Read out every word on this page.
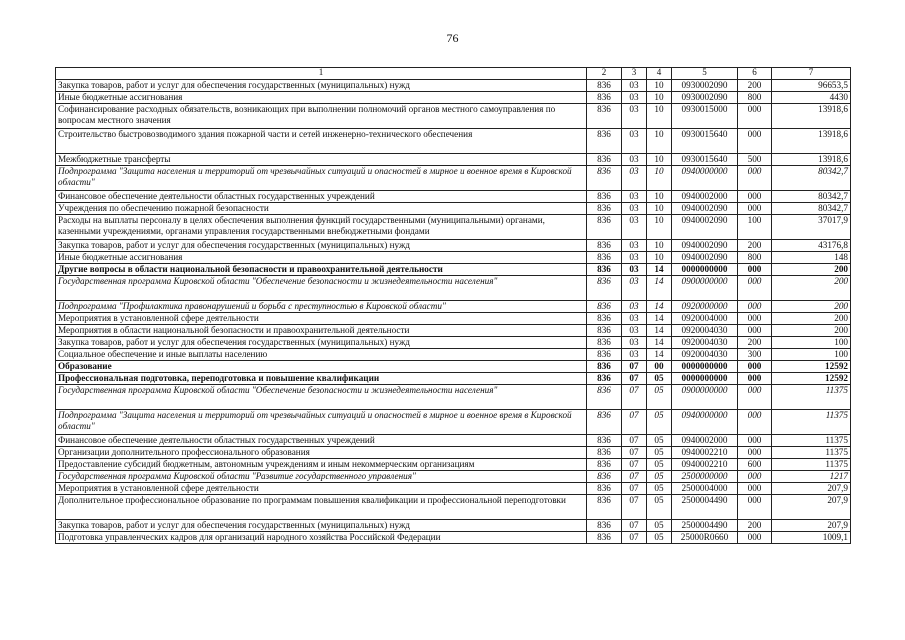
76
1	2	3	4	5	6	7
Закупка товаров, работ и услуг для обеспечения государственных (муниципальных) нужд	836	03	10	0930002090	200	96653,5
Иные бюджетные ассигнования	836	03	10	0930002090	800	4430
Софинансирование расходных обязательств, возникающих при выполнении полномочий органов местного самоуправления по вопросам местного значения	836	03	10	0930015000	000	13918,6
Строительство быстровозводимого здания пожарной части и сетей инженерно-технического обеспечения	836	03	10	0930015640	000	13918,6
Межбюджетные трансферты	836	03	10	0930015640	500	13918,6
Подпрограмма "Защита населения и территорий от чрезвычайных ситуаций и опасностей в мирное и военное время в Кировской области"	836	03	10	0940000000	000	80342,7
Финансовое обеспечение деятельности областных государственных учреждений	836	03	10	0940002000	000	80342,7
Учреждения по обеспечению пожарной безопасности	836	03	10	0940002090	000	80342,7
Расходы на выплаты персоналу в целях обеспечения выполнения функций государственными (муниципальными) органами, казенными учреждениями, органами управления государственными внебюджетными фондами	836	03	10	0940002090	100	37017,9
Закупка товаров, работ и услуг для обеспечения государственных (муниципальных) нужд	836	03	10	0940002090	200	43176,8
Иные бюджетные ассигнования	836	03	10	0940002090	800	148
Другие вопросы в области национальной безопасности и правоохранительной деятельности	836	03	14	0000000000	000	200
Государственная программа Кировской области "Обеспечение безопасности и жизнедеятельности населения"	836	03	14	0900000000	000	200
Подпрограмма "Профилактика правонарушений и борьба с преступностью в Кировской области"	836	03	14	0920000000	000	200
Мероприятия в установленной сфере деятельности	836	03	14	0920004000	000	200
Мероприятия в области национальной безопасности и правоохранительной деятельности	836	03	14	0920004030	000	200
Закупка товаров, работ и услуг для обеспечения государственных (муниципальных) нужд	836	03	14	0920004030	200	100
Социальное обеспечение и иные выплаты населению	836	03	14	0920004030	300	100
Образование	836	07	00	0000000000	000	12592
Профессиональная подготовка, переподготовка и повышение квалификации	836	07	05	0000000000	000	12592
Государственная программа Кировской области "Обеспечение безопасности и жизнедеятельности населения"	836	07	05	0900000000	000	11375
Подпрограмма "Защита населения и территорий от чрезвычайных ситуаций и опасностей в мирное и военное время в Кировской области"	836	07	05	0940000000	000	11375
Финансовое обеспечение деятельности областных государственных учреждений	836	07	05	0940002000	000	11375
Организации дополнительного профессионального образования	836	07	05	0940002210	000	11375
Предоставление субсидий бюджетным, автономным учреждениям и иным некоммерческим организациям	836	07	05	0940002210	600	11375
Государственная программа Кировской области "Развитие государственного управления"	836	07	05	2500000000	000	1217
Мероприятия в установленной сфере деятельности	836	07	05	2500004000	000	207,9
Дополнительное профессиональное образование по программам повышения квалификации и профессиональной переподготовки	836	07	05	2500004490	000	207,9
Закупка товаров, работ и услуг для обеспечения государственных (муниципальных) нужд	836	07	05	2500004490	200	207,9
Подготовка управленческих кадров для организаций народного хозяйства Российской Федерации	836	07	05	25000R0660	000	1009,1
